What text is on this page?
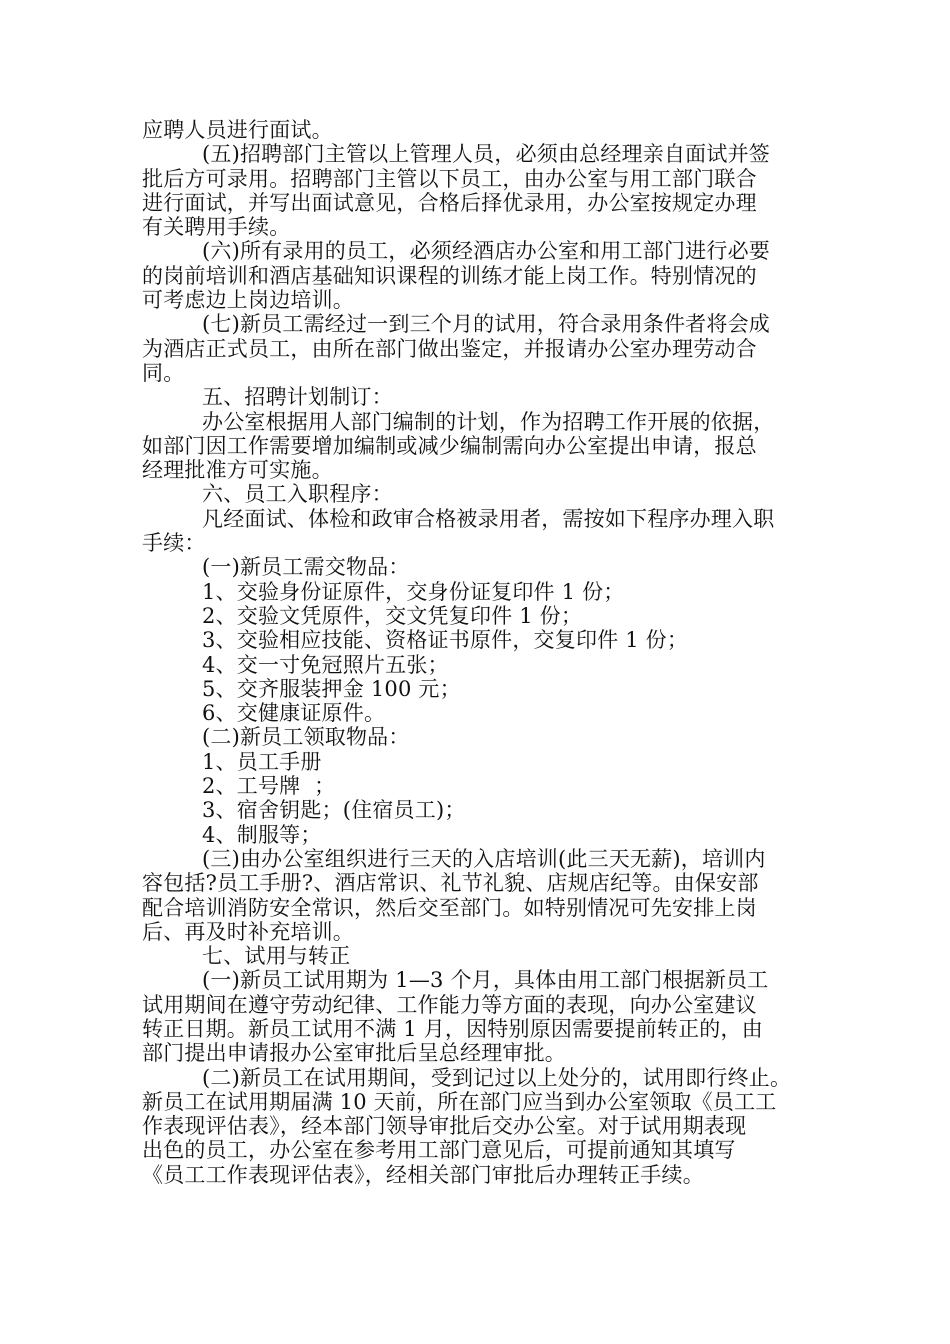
应聘人员进行面试。
(五)招聘部门主管以上管理人员，必须由总经理亲自面试并签
批后方可录用。招聘部门主管以下员工，由办公室与用工部门联合
进行面试，并写出面试意见，合格后择优录用，办公室按规定办理
有关聘用手续。
(六)所有录用的员工，必须经酒店办公室和用工部门进行必要
的岗前培训和酒店基础知识课程的训练才能上岗工作。特别情况的
可考虑边上岗边培训。
(七)新员工需经过一到三个月的试用，符合录用条件者将会成
为酒店正式员工，由所在部门做出鉴定，并报请办公室办理劳动合
同。
五、招聘计划制订：
办公室根据用人部门编制的计划，作为招聘工作开展的依据，
如部门因工作需要增加编制或减少编制需向办公室提出申请，报总
经理批准方可实施。
六、员工入职程序：
凡经面试、体检和政审合格被录用者，需按如下程序办理入职
手续：
(一)新员工需交物品：
1、交验身份证原件，交身份证复印件 1 份；
2、交验文凭原件，交文凭复印件 1 份；
3、交验相应技能、资格证书原件，交复印件 1 份；
4、交一寸免冠照片五张；
5、交齐服装押金 100 元；
6、交健康证原件。
(二)新员工领取物品：
1、员工手册
2、工号牌  ；
3、宿舍钥匙；(住宿员工)；
4、制服等；
(三)由办公室组织进行三天的入店培训(此三天无薪)，培训内
容包括?员工手册?、酒店常识、礼节礼貌、店规店纪等。由保安部
配合培训消防安全常识，然后交至部门。如特别情况可先安排上岗
后、再及时补充培训。
七、试用与转正
(一)新员工试用期为 1—3 个月，具体由用工部门根据新员工
试用期间在遵守劳动纪律、工作能力等方面的表现，向办公室建议
转正日期。新员工试用不满 1 月，因特别原因需要提前转正的，由
部门提出申请报办公室审批后呈总经理审批。
(二)新员工在试用期间，受到记过以上处分的，试用即行终止。
新员工在试用期届满 10 天前，所在部门应当到办公室领取《员工工
作表现评估表》，经本部门领导审批后交办公室。对于试用期表现
出色的员工，办公室在参考用工部门意见后，可提前通知其填写
《员工工作表现评估表》，经相关部门审批后办理转正手续。
